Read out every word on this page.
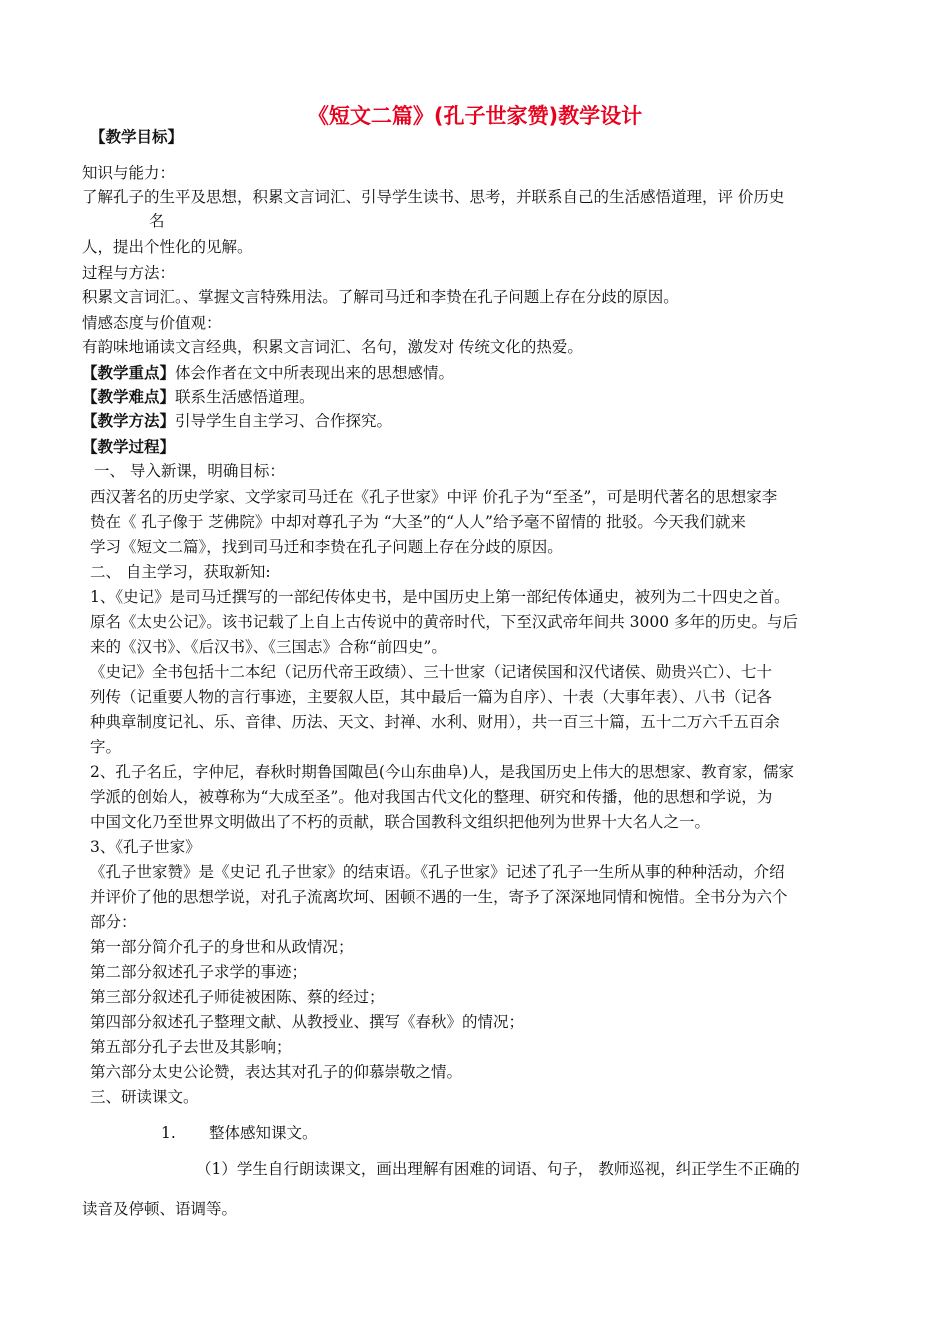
《短文二篇》(孔子世家赞)教学设计
【教学目标】
知识与能力：
了解孔子的生平及思想，积累文言词汇、引导学生读书、思考，并联系自己的生活感悟道理，评 价历史
名
人，提出个性化的见解。
过程与方法：
积累文言词汇。、掌握文言特殊用法。了解司马迁和李贽在孔子问题上存在分歧的原因。
情感态度与价值观：
有韵味地诵读文言经典，积累文言词汇、名句，激发对 传统文化的热爱。
【教学重点】体会作者在文中所表现出来的思想感情。
【教学难点】联系生活感悟道理。
【教学方法】引导学生自主学习、合作探究。
【教学过程】
一、 导入新课，明确目标：
西汉著名的历史学家、文学家司马迁在《孔子世家》中评 价孔子为“至圣”，可是明代著名的思想家李
贽在《 孔子像于 芝佛院》中却对尊孔子为 “大圣”的“人人”给予毫不留情的 批驳。今天我们就来
学习《短文二篇》，找到司马迁和李贽在孔子问题上存在分歧的原因。
二、 自主学习，获取新知:
1、《史记》是司马迁撰写的一部纪传体史书，是中国历史上第一部纪传体通史，被列为二十四史之首。
原名《太史公记》。该书记载了上自上古传说中的黄帝时代，下至汉武帝年间共 3000 多年的历史。与后
来的《汉书》、《后汉书》、《三国志》合称“前四史”。
《史记》全书包括十二本纪（记历代帝王政绩）、三十世家（记诸侯国和汉代诸侯、勋贵兴亡）、七十
列传（记重要人物的言行事迹，主要叙人臣，其中最后一篇为自序）、十表（大事年表）、八书（记各
种典章制度记礼、乐、音律、历法、天文、封禅、水利、财用），共一百三十篇，五十二万六千五百余
字。
2、孔子名丘，字仲尼，春秋时期鲁国陬邑(今山东曲阜)人，是我国历史上伟大的思想家、教育家，儒家
学派的创始人，被尊称为“大成至圣”。他对我国古代文化的整理、研究和传播，他的思想和学说，为
中国文化乃至世界文明做出了不朽的贡献，联合国教科文组织把他列为世界十大名人之一。
3、《孔子世家》
《孔子世家赞》是《史记 孔子世家》的结束语。《孔子世家》记述了孔子一生所从事的种种活动，介绍
并评价了他的思想学说，对孔子流离坎坷、困顿不遇的一生，寄予了深深地同情和惋惜。全书分为六个
部分：
第一部分简介孔子的身世和从政情况；
第二部分叙述孔子求学的事迹；
第三部分叙述孔子师徒被困陈、蔡的经过；
第四部分叙述孔子整理文献、从教授业、撰写《春秋》的情况；
第五部分孔子去世及其影响；
第六部分太史公论赞，表达其对孔子的仰慕崇敬之情。
三、研读课文。
1. 整体感知课文。
（1）学生自行朗读课文，画出理解有困难的词语、句子， 教师巡视，纠正学生不正确的
读音及停顿、语调等。
